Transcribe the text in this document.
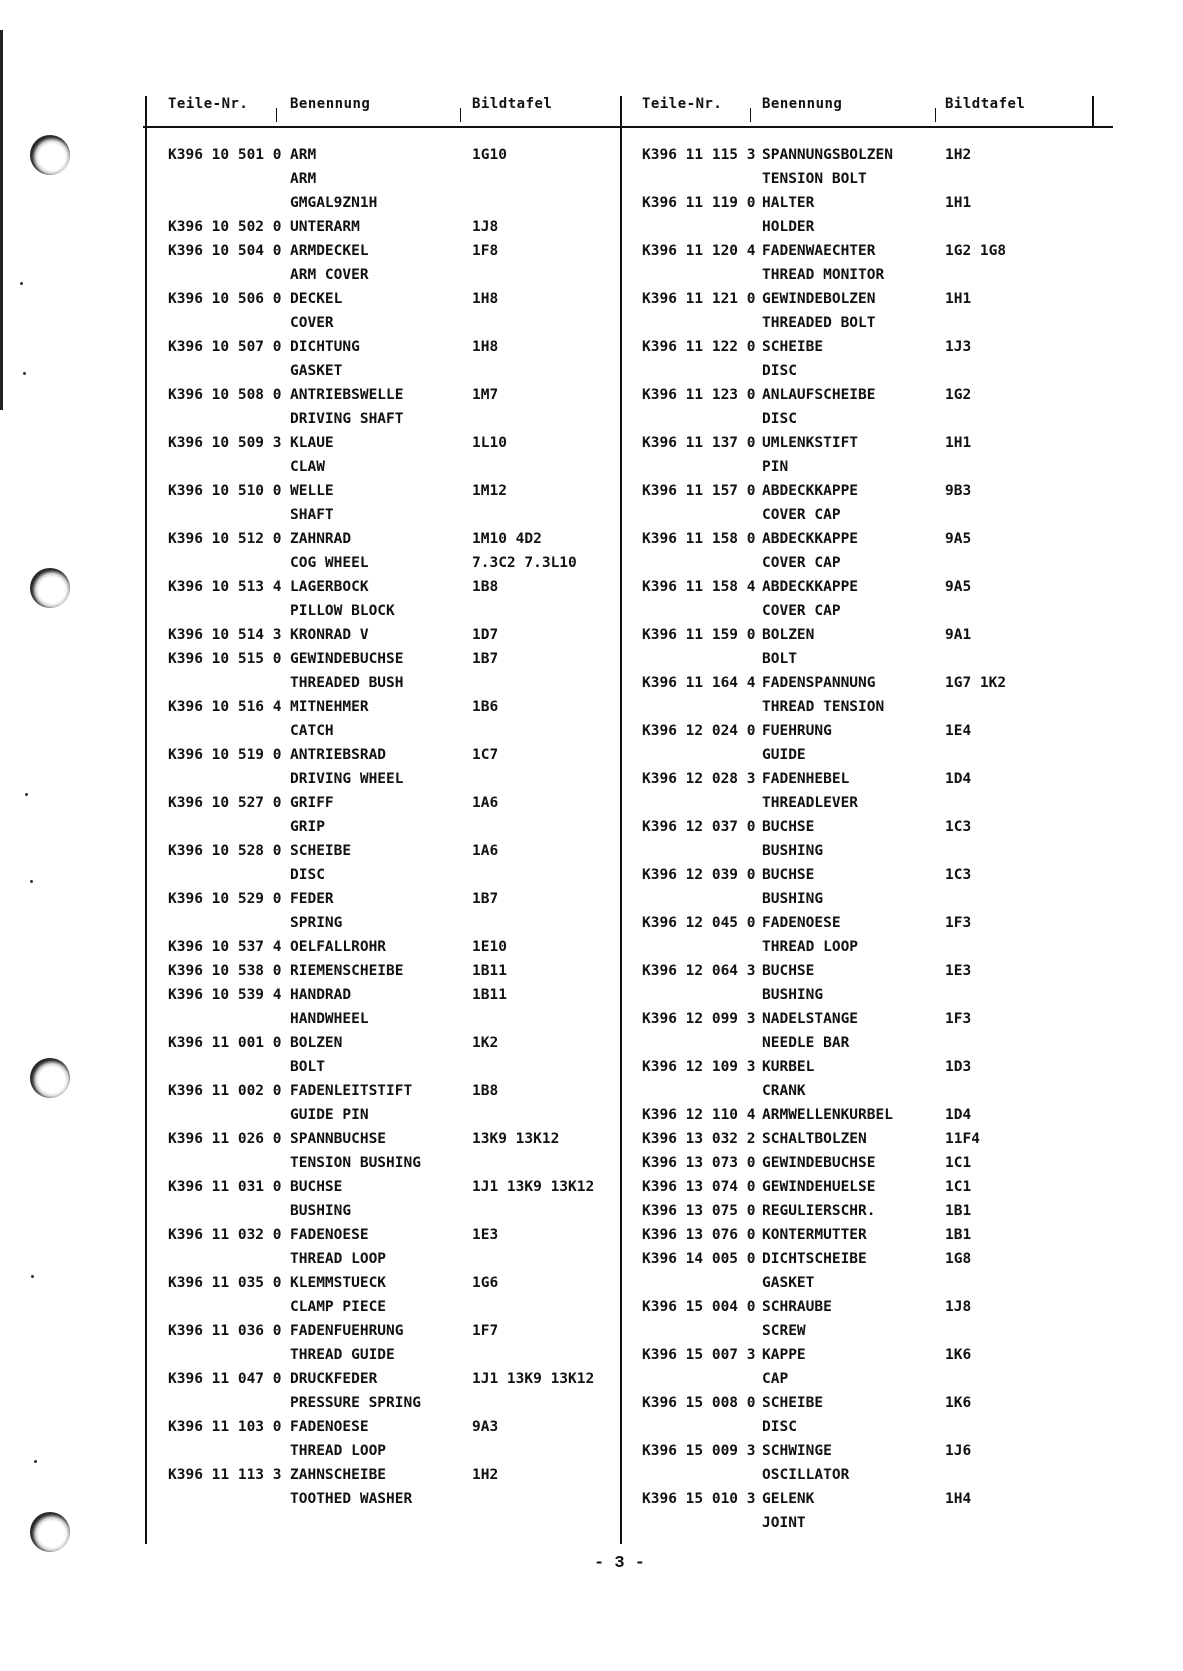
Teile-Nr.	Benennung	Bildtafel	Teile-Nr.	Benennung	Bildtafel
K396 10 501 0 ARM	1G10
ARM
GMGAL9ZN1H
K396 10 502 0 UNTERARM	1J8
K396 10 504 0 ARMDECKEL	1F8
ARM COVER
K396 10 506 0 DECKEL	1H8
COVER
K396 10 507 0 DICHTUNG	1H8
GASKET
K396 10 508 0 ANTRIEBSWELLE	1M7
DRIVING SHAFT
K396 10 509 3 KLAUE	1L10
CLAW
K396 10 510 0 WELLE	1M12
SHAFT
K396 10 512 0 ZAHNRAD	1M10 4D2
COG WHEEL	7.3C2 7.3L10
K396 10 513 4 LAGERBOCK	1B8
PILLOW BLOCK
K396 10 514 3 KRONRAD V	1D7
K396 10 515 0 GEWINDEBUCHSE	1B7
THREADED BUSH
K396 10 516 4 MITNEHMER	1B6
CATCH
K396 10 519 0 ANTRIEBSRAD	1C7
DRIVING WHEEL
K396 10 527 0 GRIFF	1A6
GRIP
K396 10 528 0 SCHEIBE	1A6
DISC
K396 10 529 0 FEDER	1B7
SPRING
K396 10 537 4 OELFALLROHR	1E10
K396 10 538 0 RIEMENSCHEIBE	1B11
K396 10 539 4 HANDRAD	1B11
HANDWHEEL
K396 11 001 0 BOLZEN	1K2
BOLT
K396 11 002 0 FADENLEITSTIFT	1B8
GUIDE PIN
K396 11 026 0 SPANNBUCHSE	13K9 13K12
TENSION BUSHING
K396 11 031 0 BUCHSE	1J1 13K9 13K12
BUSHING
K396 11 032 0 FADENOESE	1E3
THREAD LOOP
K396 11 035 0 KLEMMSTUECK	1G6
CLAMP PIECE
K396 11 036 0 FADENFUEHRUNG	1F7
THREAD GUIDE
K396 11 047 0 DRUCKFEDER	1J1 13K9 13K12
PRESSURE SPRING
K396 11 103 0 FADENOESE	9A3
THREAD LOOP
K396 11 113 3 ZAHNSCHEIBE	1H2
TOOTHED WASHER
K396 11 115 3 SPANNUNGSBOLZEN	1H2
TENSION BOLT
K396 11 119 0 HALTER	1H1
HOLDER
K396 11 120 4 FADENWAECHTER	1G2 1G8
THREAD MONITOR
K396 11 121 0 GEWINDEBOLZEN	1H1
THREADED BOLT
K396 11 122 0 SCHEIBE	1J3
DISC
K396 11 123 0 ANLAUFSCHEIBE	1G2
DISC
K396 11 137 0 UMLENKSTIFT	1H1
PIN
K396 11 157 0 ABDECKKAPPE	9B3
COVER CAP
K396 11 158 0 ABDECKKAPPE	9A5
COVER CAP
K396 11 158 4 ABDECKKAPPE	9A5
COVER CAP
K396 11 159 0 BOLZEN	9A1
BOLT
K396 11 164 4 FADENSPANNUNG	1G7 1K2
THREAD TENSION
K396 12 024 0 FUEHRUNG	1E4
GUIDE
K396 12 028 3 FADENHEBEL	1D4
THREADLEVER
K396 12 037 0 BUCHSE	1C3
BUSHING
K396 12 039 0 BUCHSE	1C3
BUSHING
K396 12 045 0 FADENOESE	1F3
THREAD LOOP
K396 12 064 3 BUCHSE	1E3
BUSHING
K396 12 099 3 NADELSTANGE	1F3
NEEDLE BAR
K396 12 109 3 KURBEL	1D3
CRANK
K396 12 110 4 ARMWELLENKURBEL	1D4
K396 13 032 2 SCHALTBOLZEN	11F4
K396 13 073 0 GEWINDEBUCHSE	1C1
K396 13 074 0 GEWINDEHUELSE	1C1
K396 13 075 0 REGULIERSCHR.	1B1
K396 13 076 0 KONTERMUTTER	1B1
K396 14 005 0 DICHTSCHEIBE	1G8
GASKET
K396 15 004 0 SCHRAUBE	1J8
SCREW
K396 15 007 3 KAPPE	1K6
CAP
K396 15 008 0 SCHEIBE	1K6
DISC
K396 15 009 3 SCHWINGE	1J6
OSCILLATOR
K396 15 010 3 GELENK	1H4
JOINT
- 3 -
